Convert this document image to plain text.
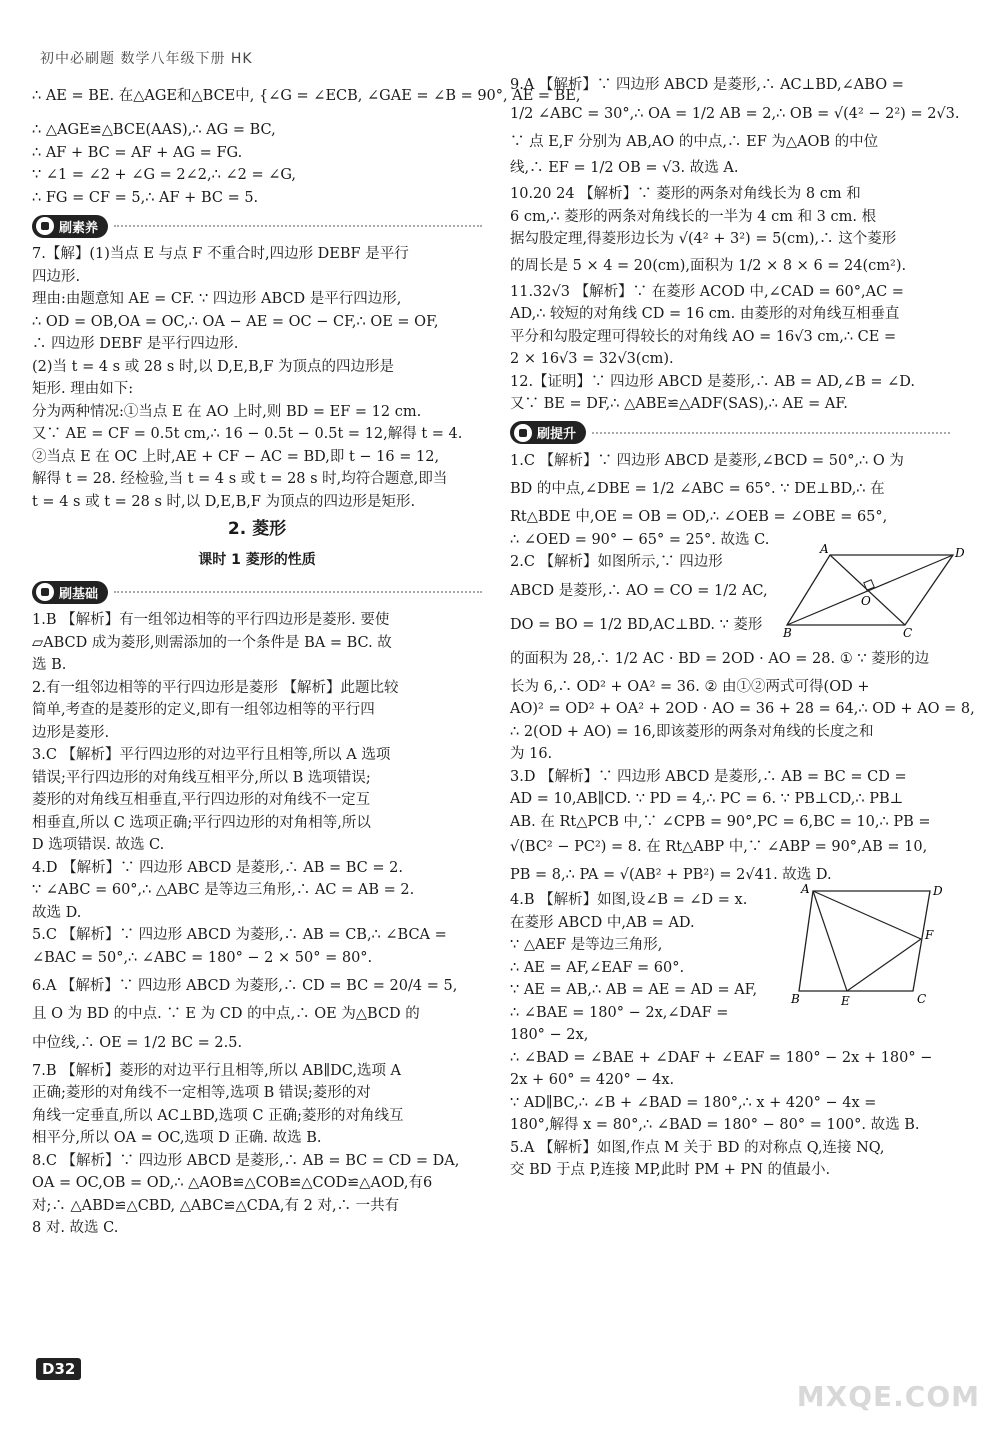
初中必刷题 数学八年级下册 HK
∴ AE = BE. 在△AGE和△BCE中, {∠G = ∠ECB, ∠GAE = ∠B = 90°, AE = BE,
∴ △AGE≌△BCE(AAS),∴ AG = BC,
∴ AF + BC = AF + AG = FG.
∵ ∠1 = ∠2 + ∠G = 2∠2,∴ ∠2 = ∠G,
∴ FG = CF = 5,∴ AF + BC = 5.
刷素养
7.【解】(1)当点 E 与点 F 不重合时,四边形 DEBF 是平行
四边形.
理由:由题意知 AE = CF. ∵ 四边形 ABCD 是平行四边形,
∴ OD = OB,OA = OC,∴ OA − AE = OC − CF,∴ OE = OF,
∴ 四边形 DEBF 是平行四边形.
(2)当 t = 4 s 或 28 s 时,以 D,E,B,F 为顶点的四边形是
矩形. 理由如下:
分为两种情况:①当点 E 在 AO 上时,则 BD = EF = 12 cm.
又∵ AE = CF = 0.5t cm,∴ 16 − 0.5t − 0.5t = 12,解得 t = 4.
②当点 E 在 OC 上时,AE + CF − AC = BD,即 t − 16 = 12,
解得 t = 28. 经检验,当 t = 4 s 或 t = 28 s 时,均符合题意,即当
t = 4 s 或 t = 28 s 时,以 D,E,B,F 为顶点的四边形是矩形.
2. 菱形
课时 1 菱形的性质
刷基础
1.B 【解析】有一组邻边相等的平行四边形是菱形. 要使
▱ABCD 成为菱形,则需添加的一个条件是 BA = BC. 故
选 B.
2.有一组邻边相等的平行四边形是菱形 【解析】此题比较
简单,考查的是菱形的定义,即有一组邻边相等的平行四
边形是菱形.
3.C 【解析】平行四边形的对边平行且相等,所以 A 选项
错误;平行四边形的对角线互相平分,所以 B 选项错误;
菱形的对角线互相垂直,平行四边形的对角线不一定互
相垂直,所以 C 选项正确;平行四边形的对角相等,所以
D 选项错误. 故选 C.
4.D 【解析】∵ 四边形 ABCD 是菱形,∴ AB = BC = 2.
∵ ∠ABC = 60°,∴ △ABC 是等边三角形,∴ AC = AB = 2.
故选 D.
5.C 【解析】∵ 四边形 ABCD 为菱形,∴ AB = CB,∴ ∠BCA =
∠BAC = 50°,∴ ∠ABC = 180° − 2 × 50° = 80°.
6.A 【解析】∵ 四边形 ABCD 为菱形,∴ CD = BC = 20/4 = 5,
且 O 为 BD 的中点. ∵ E 为 CD 的中点,∴ OE 为△BCD 的
中位线,∴ OE = 1/2 BC = 2.5.
7.B 【解析】菱形的对边平行且相等,所以 AB∥DC,选项 A
正确;菱形的对角线不一定相等,选项 B 错误;菱形的对
角线一定垂直,所以 AC⊥BD,选项 C 正确;菱形的对角线互
相平分,所以 OA = OC,选项 D 正确. 故选 B.
8.C 【解析】∵ 四边形 ABCD 是菱形,∴ AB = BC = CD = DA,
OA = OC,OB = OD,∴ △AOB≌△COB≌△COD≌△AOD,有6
对;∴ △ABD≌△CBD, △ABC≌△CDA,有 2 对,∴ 一共有
8 对. 故选 C.
9.A 【解析】∵ 四边形 ABCD 是菱形,∴ AC⊥BD,∠ABO =
1/2 ∠ABC = 30°,∴ OA = 1/2 AB = 2,∴ OB = √(4² − 2²) = 2√3.
∵ 点 E,F 分别为 AB,AO 的中点,∴ EF 为△AOB 的中位
线,∴ EF = 1/2 OB = √3. 故选 A.
10.20 24 【解析】∵ 菱形的两条对角线长为 8 cm 和
6 cm,∴ 菱形的两条对角线长的一半为 4 cm 和 3 cm. 根
据勾股定理,得菱形边长为 √(4² + 3²) = 5(cm),∴ 这个菱形
的周长是 5 × 4 = 20(cm),面积为 1/2 × 8 × 6 = 24(cm²).
11.32√3 【解析】∵ 在菱形 ACOD 中,∠CAD = 60°,AC =
AD,∴ 较短的对角线 CD = 16 cm. 由菱形的对角线互相垂直
平分和勾股定理可得较长的对角线 AO = 16√3 cm,∴ CE =
2 × 16√3 = 32√3(cm).
12.【证明】∵ 四边形 ABCD 是菱形,∴ AB = AD,∠B = ∠D.
又∵ BE = DF,∴ △ABE≌△ADF(SAS),∴ AE = AF.
刷提升
1.C 【解析】∵ 四边形 ABCD 是菱形,∠BCD = 50°,∴ O 为
BD 的中点,∠DBE = 1/2 ∠ABC = 65°. ∵ DE⊥BD,∴ 在
Rt△BDE 中,OE = OB = OD,∴ ∠OEB = ∠OBE = 65°,
∴ ∠OED = 90° − 65° = 25°. 故选 C.
2.C 【解析】如图所示,∵ 四边形
ABCD 是菱形,∴ AO = CO = 1/2 AC,
DO = BO = 1/2 BD,AC⊥BD. ∵ 菱形
的面积为 28,∴ 1/2 AC · BD = 2OD · AO = 28. ① ∵ 菱形的边
长为 6,∴ OD² + OA² = 36. ② 由①②两式可得(OD +
AO)² = OD² + OA² + 2OD · AO = 36 + 28 = 64,∴ OD + AO = 8,
∴ 2(OD + AO) = 16,即该菱形的两条对角线的长度之和
为 16.
A	D
B	C
O
3.D 【解析】∵ 四边形 ABCD 是菱形,∴ AB = BC = CD =
AD = 10,AB∥CD. ∵ PD = 4,∴ PC = 6. ∵ PB⊥CD,∴ PB⊥
AB. 在 Rt△PCB 中,∵ ∠CPB = 90°,PC = 6,BC = 10,∴ PB =
√(BC² − PC²) = 8. 在 Rt△ABP 中,∵ ∠ABP = 90°,AB = 10,
PB = 8,∴ PA = √(AB² + PB²) = 2√41. 故选 D.
4.B 【解析】如图,设∠B = ∠D = x.
在菱形 ABCD 中,AB = AD.
∵ △AEF 是等边三角形,
∴ AE = AF,∠EAF = 60°.
∵ AE = AB,∴ AB = AE = AD = AF,
∴ ∠BAE = 180° − 2x,∠DAF =
180° − 2x,
∴ ∠BAD = ∠BAE + ∠DAF + ∠EAF = 180° − 2x + 180° −
2x + 60° = 420° − 4x.
∵ AD∥BC,∴ ∠B + ∠BAD = 180°,∴ x + 420° − 4x =
180°,解得 x = 80°,∴ ∠BAD = 180° − 80° = 100°. 故选 B.
5.A 【解析】如图,作点 M 关于 BD 的对称点 Q,连接 NQ,
交 BD 于点 P,连接 MP,此时 PM + PN 的值最小.
A	D
B	E	C
F
D32
MXQE.COM
